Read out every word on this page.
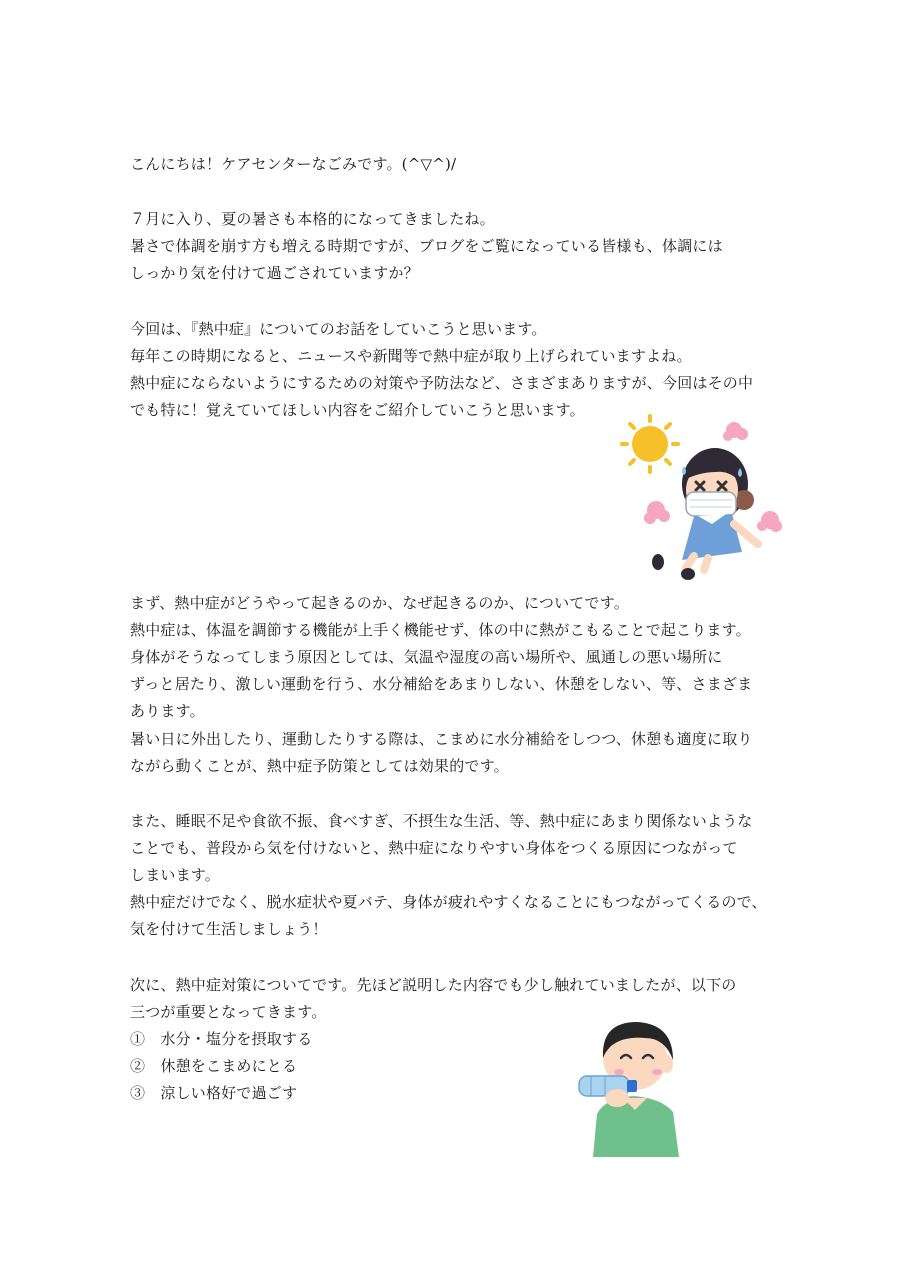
こんにちは！ケアセンターなごみです。(^▽^)/
７月に入り、夏の暑さも本格的になってきましたね。
暑さで体調を崩す方も増える時期ですが、ブログをご覧になっている皆様も、体調には
しっかり気を付けて過ごされていますか？
今回は、『熱中症』についてのお話をしていこうと思います。
毎年この時期になると、ニュースや新聞等で熱中症が取り上げられていますよね。
熱中症にならないようにするための対策や予防法など、さまざまありますが、今回はその中
でも特に！覚えていてほしい内容をご紹介していこうと思います。
まず、熱中症がどうやって起きるのか、なぜ起きるのか、についてです。
熱中症は、体温を調節する機能が上手く機能せず、体の中に熱がこもることで起こります。
身体がそうなってしまう原因としては、気温や湿度の高い場所や、風通しの悪い場所に
ずっと居たり、激しい運動を行う、水分補給をあまりしない、休憩をしない、等、さまざま
あります。
暑い日に外出したり、運動したりする際は、こまめに水分補給をしつつ、休憩も適度に取り
ながら動くことが、熱中症予防策としては効果的です。
また、睡眠不足や食欲不振、食べすぎ、不摂生な生活、等、熱中症にあまり関係ないような
ことでも、普段から気を付けないと、熱中症になりやすい身体をつくる原因につながって
しまいます。
熱中症だけでなく、脱水症状や夏バテ、身体が疲れやすくなることにもつながってくるので、
気を付けて生活しましょう！
次に、熱中症対策についてです。先ほど説明した内容でも少し触れていましたが、以下の
三つが重要となってきます。
①　水分・塩分を摂取する
②　休憩をこまめにとる
③　涼しい格好で過ごす
